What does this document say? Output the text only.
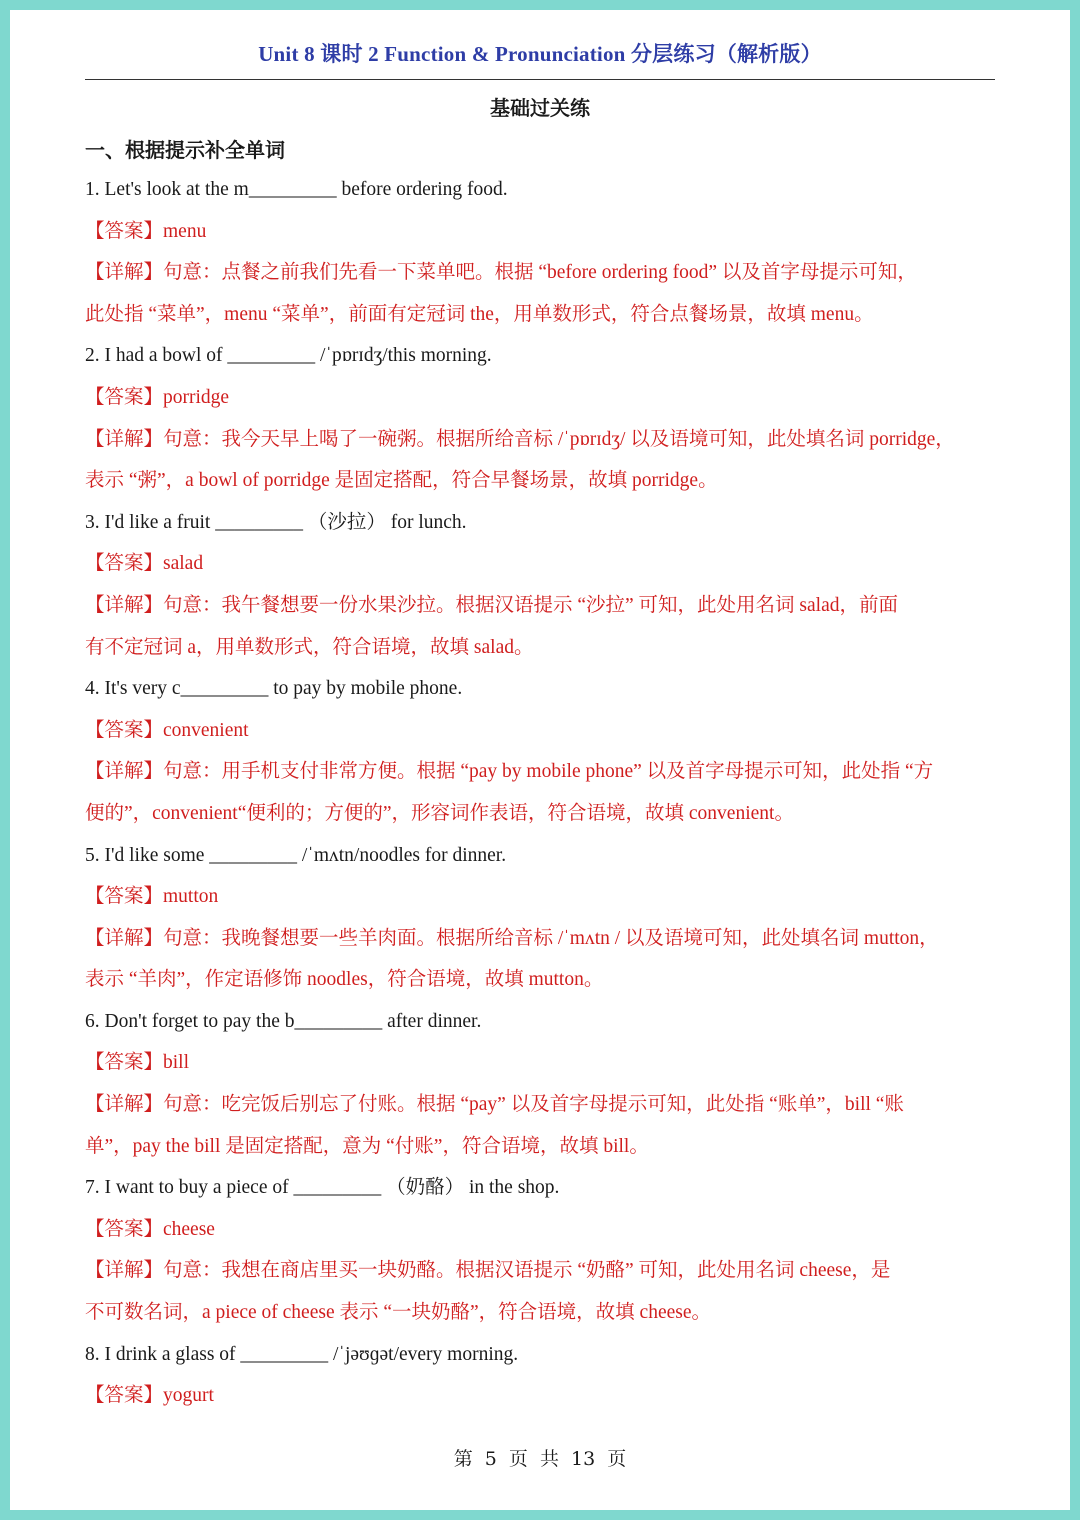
Unit 8 课时 2 Function & Pronunciation 分层练习（解析版）
基础过关练
一、根据提示补全单词
1. Let's look at the m_________ before ordering food.
【答案】menu
【详解】句意：点餐之前我们先看一下菜单吧。根据 “before ordering food” 以及首字母提示可知，
此处指 “菜单”，menu “菜单”，前面有定冠词 the，用单数形式，符合点餐场景，故填 menu。
2. I had a bowl of _________ /ˈpɒrɪdʒ/this morning.
【答案】porridge
【详解】句意：我今天早上喝了一碗粥。根据所给音标 /ˈpɒrɪdʒ/ 以及语境可知，此处填名词 porridge，
表示 “粥”，a bowl of porridge 是固定搭配，符合早餐场景，故填 porridge。
3. I'd like a fruit _________ （沙拉） for lunch.
【答案】salad
【详解】句意：我午餐想要一份水果沙拉。根据汉语提示 “沙拉” 可知，此处用名词 salad，前面
有不定冠词 a，用单数形式，符合语境，故填 salad。
4. It's very c_________ to pay by mobile phone.
【答案】convenient
【详解】句意：用手机支付非常方便。根据 “pay by mobile phone” 以及首字母提示可知，此处指 “方
便的”，convenient“便利的；方便的”，形容词作表语，符合语境，故填 convenient。
5. I'd like some _________ /ˈmʌtn/noodles for dinner.
【答案】mutton
【详解】句意：我晚餐想要一些羊肉面。根据所给音标 /ˈmʌtn / 以及语境可知，此处填名词 mutton，
表示 “羊肉”，作定语修饰 noodles，符合语境，故填 mutton。
6. Don't forget to pay the b_________ after dinner.
【答案】bill
【详解】句意：吃完饭后别忘了付账。根据 “pay” 以及首字母提示可知，此处指 “账单”，bill “账
单”，pay the bill 是固定搭配，意为 “付账”，符合语境，故填 bill。
7. I want to buy a piece of _________ （奶酪） in the shop.
【答案】cheese
【详解】句意：我想在商店里买一块奶酪。根据汉语提示 “奶酪” 可知，此处用名词 cheese，是
不可数名词，a piece of cheese 表示 “一块奶酪”，符合语境，故填 cheese。
8. I drink a glass of _________ /ˈjəʊɡət/every morning.
【答案】yogurt
第 5 页 共 13 页
